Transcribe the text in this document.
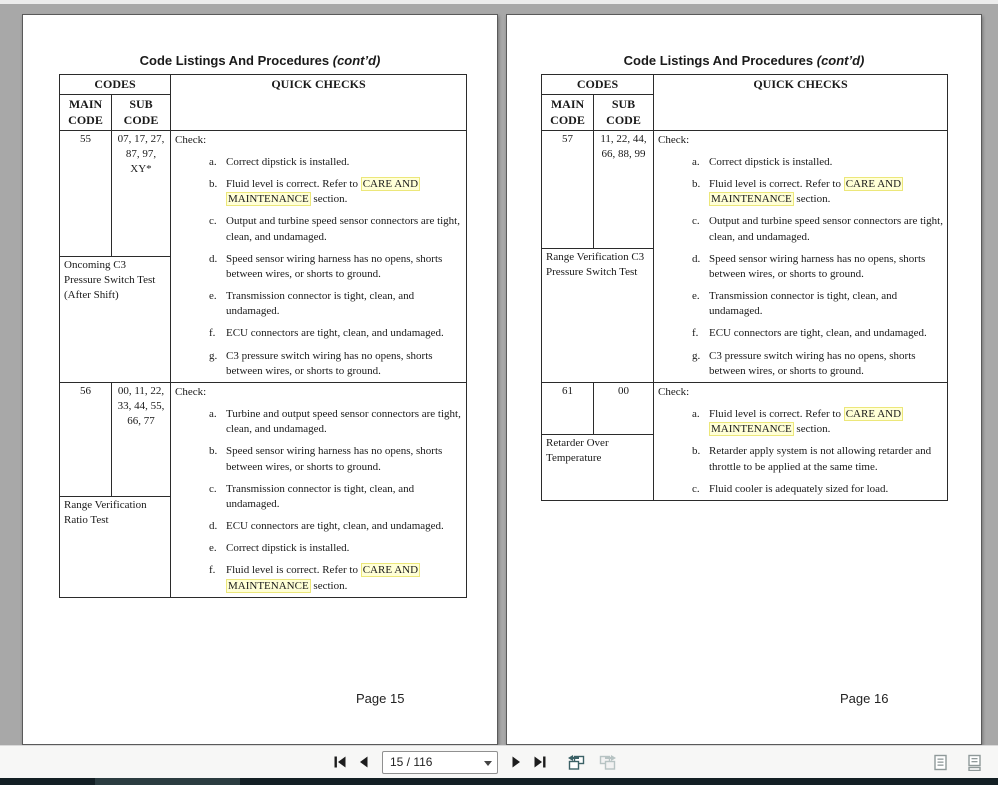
Code Listings And Procedures (cont’d)
CODES		QUICK CHECKS
MAIN CODE	SUB CODE	
55	07, 17, 27, 87, 97, XY*	
Check:
a. Correct dipstick is installed.
b. Fluid level is correct. Refer to CARE AND MAINTENANCE section.
c. Output and turbine speed sensor connectors are tight, clean, and undamaged.
d. Speed sensor wiring harness has no opens, shorts between wires, or shorts to ground.
e. Transmission connector is tight, clean, and undamaged.
f. ECU connectors are tight, clean, and undamaged.
g. C3 pressure switch wiring has no opens, shorts between wires, or shorts to ground.

Oncoming C3 Pressure Switch Test (After Shift)		
56	00, 11, 22, 33, 44, 55, 66, 77	
Check:
a. Turbine and output speed sensor connectors are tight, clean, and undamaged.
b. Speed sensor wiring harness has no opens, shorts between wires, or shorts to ground.
c. Transmission connector is tight, clean, and undamaged.
d. ECU connectors are tight, clean, and undamaged.
e. Correct dipstick is installed.
f. Fluid level is correct. Refer to CARE AND MAINTENANCE section.

Range Verification Ratio Test		
Page 15
Code Listings And Procedures (cont’d)
CODES		QUICK CHECKS
MAIN CODE	SUB CODE	
57	11, 22, 44, 66, 88, 99	
Check:
a. Correct dipstick is installed.
b. Fluid level is correct. Refer to CARE AND MAINTENANCE section.
c. Output and turbine speed sensor connectors are tight, clean, and undamaged.
d. Speed sensor wiring harness has no opens, shorts between wires, or shorts to ground.
e. Transmission connector is tight, clean, and undamaged.
f. ECU connectors are tight, clean, and undamaged.
g. C3 pressure switch wiring has no opens, shorts between wires, or shorts to ground.

Range Verification C3 Pressure Switch Test		
61	00	Check:
a. Fluid level is correct. Refer to CARE AND MAINTENANCE section.
b. Retarder apply system is not allowing retarder and throttle to be applied at the same time.
c. Fluid cooler is adequately sized for load.

Retarder Over Temperature		
Page 16
15 / 116
